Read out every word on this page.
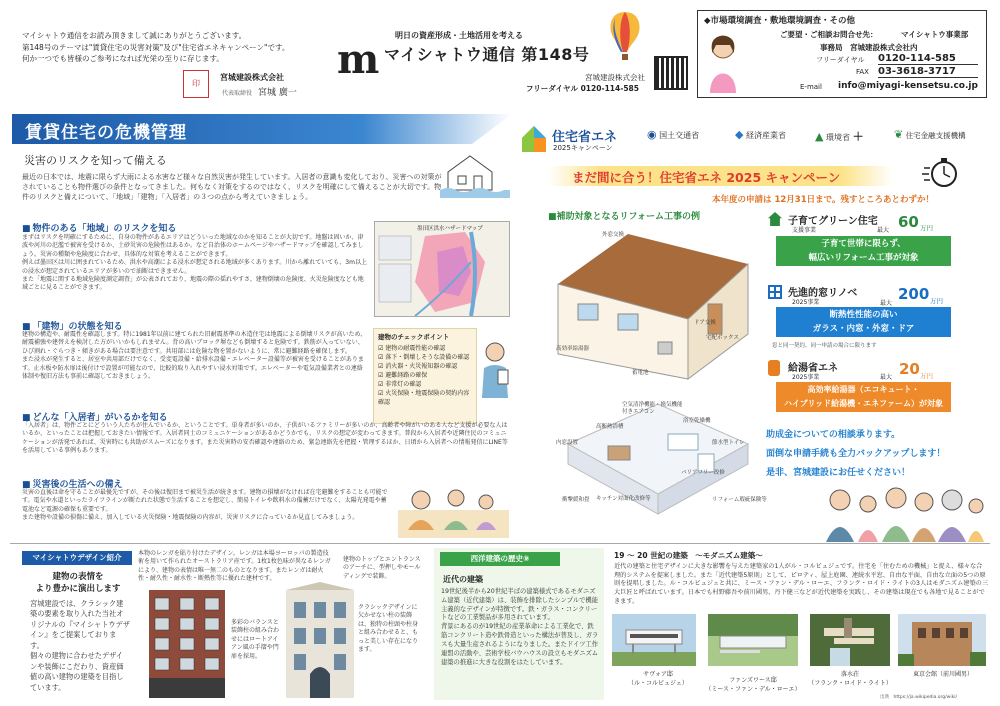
マイシャトウ通信をお読み頂きまして誠にありがとうございます。
第148号のテーマは"賃貸住宅の災害対策"及び"住宅省エネキャンペーン"です。
何か一つでも皆様のご参考になれば光栄の至りに存じます。
印
宮城建設株式会社
代表取締役 宮城 廣一
m
明日の資産形成・土地活用を考える
マイシャトウ通信 第148号
宮城建設株式会社
フリーダイヤル 0120-114-585
◆市場環境調査・敷地環境調査・その他
ご要望・ご相談お問合せ先：	マイシャトウ事業部
事務局　宮城建設株式会社内
フリーダイヤル 0120-114-585
FAX 03-3618-3717
E-mail info@miyagi-kensetsu.co.jp
賃貸住宅の危機管理
災害のリスクを知って備える
最近の日本では、地震に限らず大雨による水害など様々な自然災害が発生しています。入居者の意識も変化しており、災害への対策がされていることも物件選びの条件となってきました。何もなく対策をするのではなく、リスクを明確にして備えることが大切です。物件のリスクと備えについて、「地域」「建物」「入居者」の３つの点から考えていきましょう。
■ 物件のある「地域」のリスクを知る
まずはリスクを明確にするために、自身の物件があるエリアはどういった地域なのかを知ることが大切です。地盤は固いか、津波や河川の氾濫で被害を受けるか、土砂災害の危険性はあるか。など自治体のホームページやハザードマップを確認してみましょう。災害の種類や危険度に合わせ、具体的な対策を考えることができます。
例えば墨田区は川に囲まれているため、洪水や高潮による浸水が想定される地域が多くあります。川から離れていても、3m以上の浸水が想定されているエリアが多いので油断はできません。
また「地震に関する地域危険度測定調査」が公表されており、地震の際の揺れやすさ、建物倒壊の危険度、火災危険度なども地域ごとに見ることができます。
墨田区洪水ハザードマップ
■ 「建物」の状態を知る
建物の構造や、耐震性を確認します。特に1981年以前に建てられた旧耐震基準の木造住宅は地震による倒壊リスクが高いため、耐震補強や建替えを検討した方がいいかもしれません。背の高いブロック塀なども倒壊すると危険です。鉄筋が入っていない、ひび割れ・ぐらつき・傾きがある場合は要注意です。共用部には危険な物を置かないように、常に避難経路を確保します。
また浸水が発生すると、居室や共用部だけでなく、受変電設備・給排水設備・エレベーター設備等が被害を受けることがあります。止水板や防水扉は後付けで設置が可能なので、比較的取り入れやすい浸水対策です。エレベーターや電気設備業者との連絡体制や復旧方法も事前に確認しておきましょう。
建物のチェックポイント
☑ 建物の耐震性能の確認
☑ 落下・倒壊しそうな設備の確認
☑ 消火器・火災報知器の確認
☑ 避難経路の確保
☑ 非常灯の確認
☑ 火災保険・地震保険の契約内容確認
■ どんな「入居者」がいるかを知る
「入居者」は、物件ごとにどういう人たちが住んでいるか、ということです。単身者が多いのか、子供がいるファミリーが多いのか、高齢者や障がいのある人など支援が必要な人はいるか、といったことは把握しておきたい情報です。入居者同士のコミュニケーションがあるかどうかでも、リスクの想定が変わってきます。普段から入居者や近隣住民のコミュニケーションが活発であれば、災害時にも共助がスムーズになります。また災害時の安否確認や連絡のため、緊急連絡先を把握・管理するほか、日頃から入居者への情報発信にLINE等を活用している事例もあります。
■ 災害後の生活への備え
災害の直後は命を守ることが最優先ですが、その後は復旧まで被災生活が続きます。建物の損壊がなければ在宅避難をすることも可能です。電気や水道といったライフラインが断たれた状態で生活することを想定し、簡易トイレや飲料水の備蓄だけでなく、太陽光発電や蓄電池など電源の確保も重要です。
また建物や設備の損傷に備え、加入している火災保険・地震保険の内容が、災害リスクに合っているか見直してみましょう。
住宅省エネ
2025キャンペーン
◉ 国土交通省	◆ 経済産業省	▲ 環境省 ＋	❦ 住宅金融支援機構
まだ間に合う！住宅省エネ 2025 キャンペーン
本年度の申請は 12月31日まで。残すところあとわずか！
■補助対象となるリフォーム工事の例
外窓交換
ドア交換
宅配ボックス
蓄電池
高効率給湯器
高断熱浴槽
空気清浄機能・換気機能付きエアコン
浴室乾燥機
内窓設置	節水型トイレ
バリアフリー改修
衝撃緩和畳 キッチン対面化改修等	リフォーム瑕疵保険等
子育てグリーン住宅
支援事業	最大 60 万円
子育て世帯に限らず、
幅広いリフォーム工事が対象
先進的窓リノベ
2025事業	最大
200 万円
断熱性性能の高い
ガラス・内窓・外窓・ドア
窓と同一契約、同一申請の場合に限ります
給湯省エネ
2025事業	最大 20 万円
高効率給湯器（エコキュート・
ハイブリッド給湯機・エネファーム）が対象
助成金についての相談承ります。
面倒な申請手続も全力バックアップします！
是非、宮城建設にお任せください！
マイシャトウデザイン紹介
建物の表情を
より豊かに演出します
宮城建設では、クラシック建築の要素を取り入れた当社オリジナルの『マイシャトウデザイン』をご提案しております。
個々の建物に合わせたデザインや装飾にこだわり、資産価値の高い建物の建築を目指しています。
本物のレンガを貼り付けたデザイン。レンガは本場ヨーロッパの製造技術を用いて作られたオーストラリア産です。1枚1枚色味が異なるレンガにより、建物の表情は唯一無二のものとなります。またレンガは耐火性・耐久性・耐水性・断熱性等に優れた建材です。
多彩のバランスと装飾柱の組み合わせにはロートアイアン風の手摺や門扉を採用。
建物のトップとエントランスのアーチに、型押しやモールディングで装飾。
クラシックデザインに欠かせない柱の装飾は、独特の柱頭や柱身と組み合わせると、もっと美しい存在になります。
西洋建築の歴史⑨
近代の建築
19世紀後半から20世紀半ばの建築様式であるモダニズム建築（近代建築）は、装飾を排除したシンプルで機能主義的なデザインが特徴です。鉄・ガラス・コンクリートなどの工業製品が多用されています。
背景にあるのが19世紀の産業革命による工業化で、鉄筋コンクリート造や鉄骨造といった構法が普及し、ガラスも大量生産されるようになりました。またドイツ工作連盟の活動や、芸術学校バウハウスの設立もモダニズム建築の推進に大きな役割をはたしています。
19 ～ 20 世紀の建築　～モダニズム建築～
近代の建築と住宅デザインに大きな影響を与えた建築家の1人がル・コルビュジェです。住宅を「住むための機械」と捉え、様々な合理的システムを提案しました。また「近代建築5原則」として、ピロティ、屋上庭園、連続水平窓、自由な平面、自由な立面の5つの原則を提唱しました。ル・コルビュジェと共に、ミース・ファン・デル・ローエ、フランク・ロイド・ライトの3人はモダニズム建築の三大巨匠と呼ばれています。日本でも村野藤吾や前川國男、丹下健三などが近代建築を実践し、その建築は現在でも各地で見ることができます。
サヴォア邸
（ル・コルビュジェ）	ファンズワース邸
（ミース・ファン・デル・ローエ）
落水荘
（フランク・ロイド・ライト）
東京会館（前川國男）
出典　https://ja.wikipedia.org/wiki/
